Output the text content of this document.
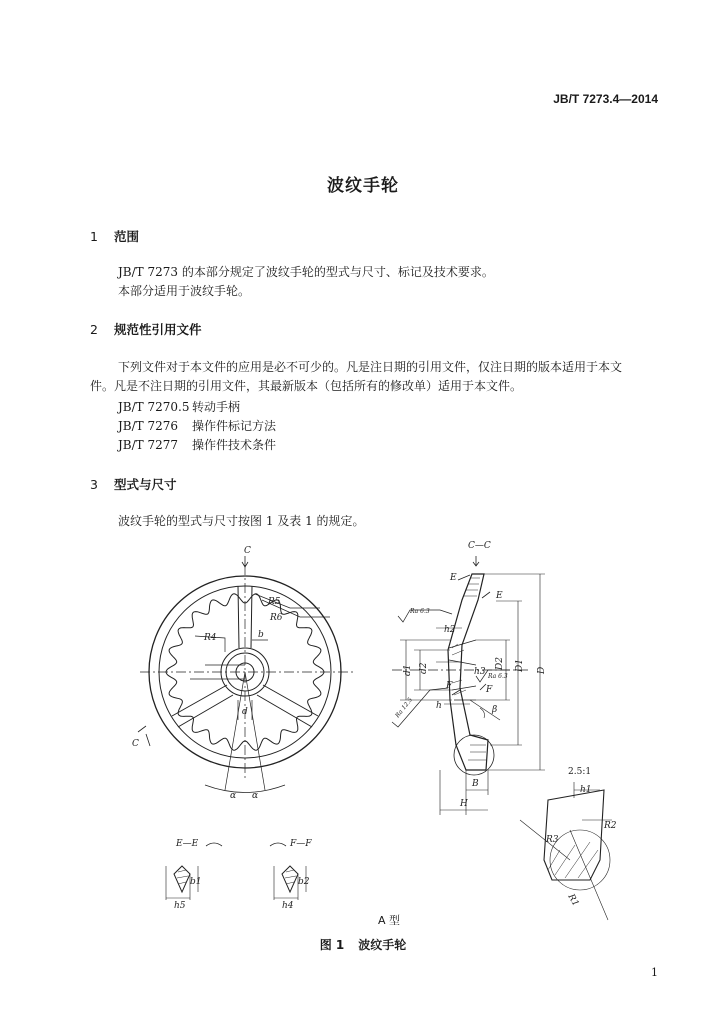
JB/T 7273.4—2014
波纹手轮
1 范围
JB/T 7273 的本部分规定了波纹手轮的型式与尺寸、标记及技术要求。
本部分适用于波纹手轮。
2 规范性引用文件
下列文件对于本文件的应用是必不可少的。凡是注日期的引用文件，仅注日期的版本适用于本文
件。凡是不注日期的引用文件，其最新版本（包括所有的修改单）适用于本文件。
JB/T 7270.5 转动手柄
JB/T 7276 操作件标记方法
JB/T 7277 操作件技术条件
3 型式与尺寸
波纹手轮的型式与尺寸按图 1 及表 1 的规定。
C
C
R5
R6
R4	b
d
α α
C—C
E
E
Ra 6.3
Ra 12.5
Ra 6.3
h2
h3
h
F
F
d1 d2	D2 D1 D
β
B
H
2.5:1
h1
R1
R2
R3
E—E	F—F
b1	b2
h5	h4
A 型
图 1 波纹手轮
1
